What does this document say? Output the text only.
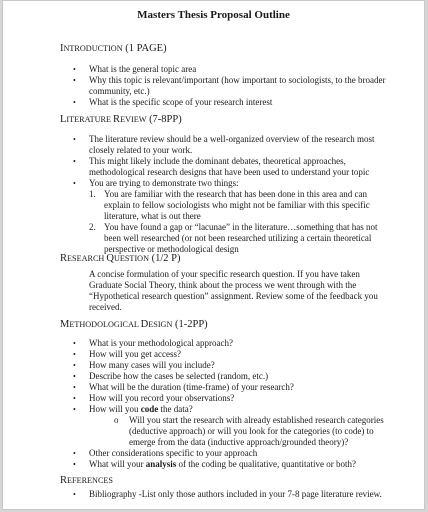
Masters Thesis Proposal Outline
INTRODUCTION (1 PAGE)
• What is the general topic area
• Why this topic is relevant/important (how important to sociologists, to the broader
community, etc.)
• What is the specific scope of your research interest
LITERATURE REVIEW (7-8PP)
• The literature review should be a well-organized overview of the research most
closely related to your work.
• This might likely include the dominant debates, theoretical approaches,
methodological research designs that have been used to understand your topic
• You are trying to demonstrate two things:
1. You are familiar with the research that has been done in this area and can
explain to fellow sociologists who might not be familiar with this specific
literature, what is out there
2. You have found a gap or “lacunae” in the literature…something that has not
been well researched (or not been researched utilizing a certain theoretical
perspective or methodological design
RESEARCH QUESTION (1/2 P)
A concise formulation of your specific research question. If you have taken
Graduate Social Theory, think about the process we went through with the
“Hypothetical research question” assignment. Review some of the feedback you
received.
METHODOLOGICAL DESIGN (1-2PP)
• What is your methodological approach?
• How will you get access?
• How many cases will you include?
• Describe how the cases be selected (random, etc.)
• What will be the duration (time-frame) of your research?
• How will you record your observations?
• How will you code the data?
o Will you start the research with already established research categories
(deductive approach) or will you look for the categories (to code) to
emerge from the data (inductive approach/grounded theory)?
• Other considerations specific to your approach
• What will your analysis of the coding be qualitative, quantitative or both?
REFERENCES
• Bibliography -List only those authors included in your 7-8 page literature review.
